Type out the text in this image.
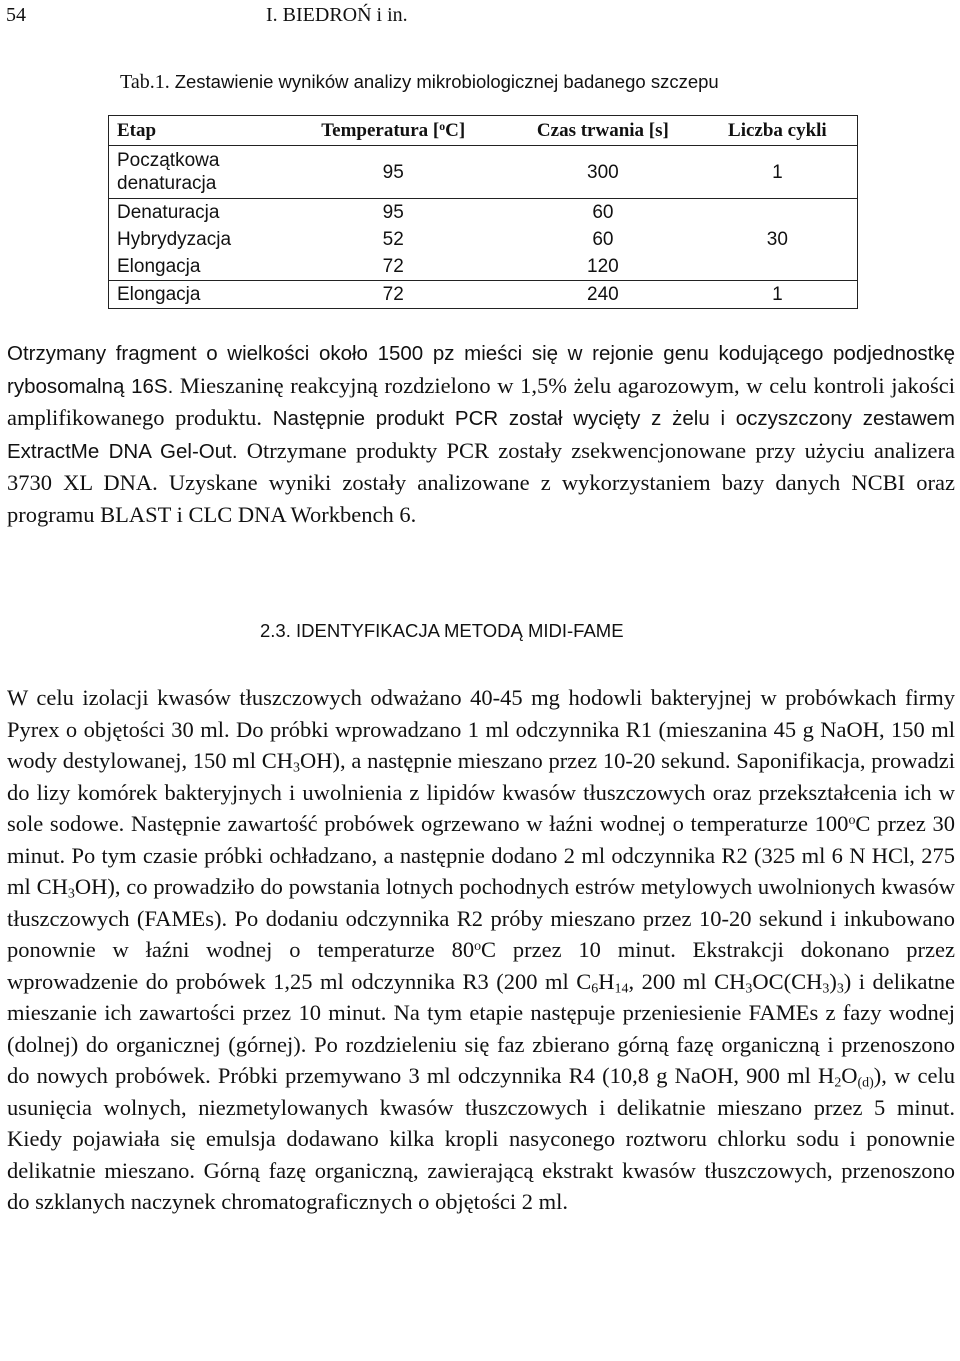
54	I. BIEDROŃ i in.
Tab.1. Zestawienie wyników analizy mikrobiologicznej badanego szczepu
Etap	Temperatura [$^o$C]	Czas trwania [s]	Liczba cykli
Początkowa
denaturacja	95	300	1
Denaturacja	95	60	30
Hybrydyzacja	52	60	
Elongacja	72	120	
Elongacja	72	240	1
Otrzymany fragment o wielkości około 1500 pz mieści się w rejonie genu kodującego podjednostkę rybosomalną 16S. Mieszaninę reakcyjną rozdzielono w 1,5% żelu agarozowym, w celu kontroli jakości amplifikowanego produktu. Następnie produkt PCR został wycięty z żelu i oczyszczony zestawem ExtractMe DNA Gel-Out. Otrzymane produkty PCR zostały zsekwencjonowane przy użyciu analizera 3730 XL DNA. Uzyskane wyniki zostały analizowane z wykorzystaniem bazy danych NCBI oraz programu BLAST i CLC DNA Workbench 6.
2.3. IDENTYFIKACJA METODĄ MIDI-FAME
W celu izolacji kwasów tłuszczowych odważano 40-45 mg hodowli bakteryjnej w probówkach firmy Pyrex o objętości 30 ml. Do próbki wprowadzano 1 ml odczynnika R1 (mieszanina 45 g NaOH, 150 ml wody destylowanej, 150 ml $CH_3OH$), a następnie mieszano przez 10-20 sekund. Saponifikacja, prowadzi do lizy komórek bakteryjnych i uwolnienia z lipidów kwasów tłuszczowych oraz przekształcenia ich w sole sodowe. Następnie zawartość probówek ogrzewano w łaźni wodnej o temperaturze 100$^o$C przez 30 minut. Po tym czasie próbki ochładzano, a następnie dodano 2 ml odczynnika R2 (325 ml 6 N HCl, 275 ml $CH_3OH$), co prowadziło do powstania lotnych pochodnych estrów metylowych uwolnionych kwasów tłuszczowych (FAMEs). Po dodaniu odczynnika R2 próby mieszano przez 10-20 sekund i inkubowano ponownie w łaźni wodnej o temperaturze 80$^o$C przez 10 minut. Ekstrakcji dokonano przez wprowadzenie do probówek 1,25 ml odczynnika R3 (200 ml $C_6H_{14}$, 200 ml $CH_3OC(CH_3)_3$) i delikatne mieszanie ich zawartości przez 10 minut. Na tym etapie następuje przeniesienie FAMEs z fazy wodnej (dolnej) do organicznej (górnej). Po rozdzieleniu się faz zbierano górną fazę organiczną i przenoszono do nowych probówek. Próbki przemywano 3 ml odczynnika R4 (10,8 g NaOH, 900 ml $H_2O_{(d)}$), w celu usunięcia wolnych, niezmetylowanych kwasów tłuszczowych i delikatnie mieszano przez 5 minut. Kiedy pojawiała się emulsja dodawano kilka kropli nasyconego roztworu chlorku sodu i ponownie delikatnie mieszano. Górną fazę organiczną, zawierającą ekstrakt kwasów tłuszczowych, przenoszono do szklanych naczynek chromatograficznych o objętości 2 ml.
